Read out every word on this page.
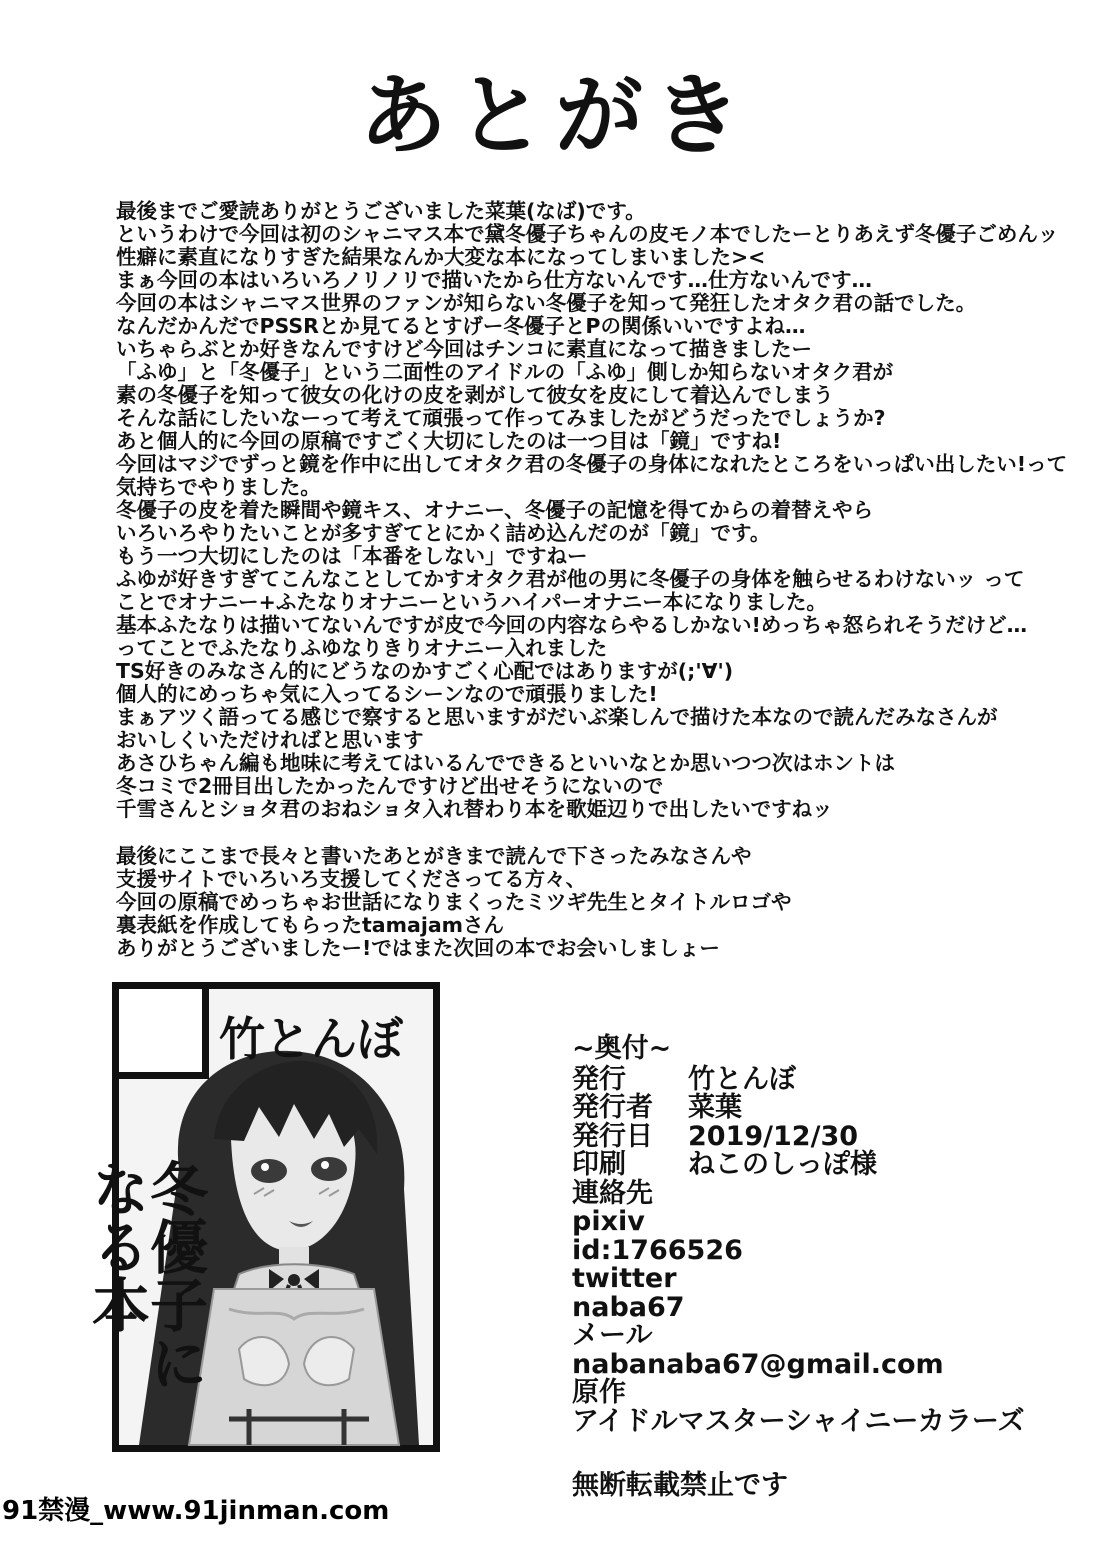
あとがき
最後までご愛読ありがとうございました菜葉(なば)です。
というわけで今回は初のシャニマス本で黛冬優子ちゃんの皮モノ本でしたーとりあえず冬優子ごめんッ
性癖に素直になりすぎた結果なんか大変な本になってしまいました><
まぁ今回の本はいろいろノリノリで描いたから仕方ないんです…仕方ないんです…
今回の本はシャニマス世界のファンが知らない冬優子を知って発狂したオタク君の話でした。
なんだかんだでPSSRとか見てるとすげー冬優子とPの関係いいですよね…
いちゃらぶとか好きなんですけど今回はチンコに素直になって描きましたー
「ふゆ」と「冬優子」という二面性のアイドルの「ふゆ」側しか知らないオタク君が
素の冬優子を知って彼女の化けの皮を剥がして彼女を皮にして着込んでしまう
そんな話にしたいなーって考えて頑張って作ってみましたがどうだったでしょうか?
あと個人的に今回の原稿ですごく大切にしたのは一つ目は「鏡」ですね!
今回はマジでずっと鏡を作中に出してオタク君の冬優子の身体になれたところをいっぱい出したい!って
気持ちでやりました。
冬優子の皮を着た瞬間や鏡キス、オナニー、冬優子の記憶を得てからの着替えやら
いろいろやりたいことが多すぎてとにかく詰め込んだのが「鏡」です。
もう一つ大切にしたのは「本番をしない」ですねー
ふゆが好きすぎてこんなことしてかすオタク君が他の男に冬優子の身体を触らせるわけないッ って
ことでオナニー+ふたなりオナニーというハイパーオナニー本になりました。
基本ふたなりは描いてないんですが皮で今回の内容ならやるしかない!めっちゃ怒られそうだけど…
ってことでふたなりふゆなりきりオナニー入れました
TS好きのみなさん的にどうなのかすごく心配ではありますが(;'∀')
個人的にめっちゃ気に入ってるシーンなので頑張りました!
まぁアツく語ってる感じで察すると思いますがだいぶ楽しんで描けた本なので読んだみなさんが
おいしくいただければと思います
あさひちゃん編も地味に考えてはいるんでできるといいなとか思いつつ次はホントは
冬コミで2冊目出したかったんですけど出せそうにないので
千雪さんとショタ君のおねショタ入れ替わり本を歌姫辺りで出したいですねッ
最後にここまで長々と書いたあとがきまで読んで下さったみなさんや
支援サイトでいろいろ支援してくださってる方々、
今回の原稿でめっちゃお世話になりまくったミツギ先生とタイトルロゴや
裏表紙を作成してもらったtamajamさん
ありがとうございましたー!ではまた次回の本でお会いしましょー
竹とんぼ
冬優子になる本
~奥付~
発行 竹とんぼ
発行者 菜葉
発行日 2019/12/30
印刷 ねこのしっぽ様
連絡先
pixiv
id:1766526
twitter
naba67
メール
nabanaba67@gmail.com
原作
アイドルマスターシャイニーカラーズ
無断転載禁止です
91禁漫_www.91jinman.com
